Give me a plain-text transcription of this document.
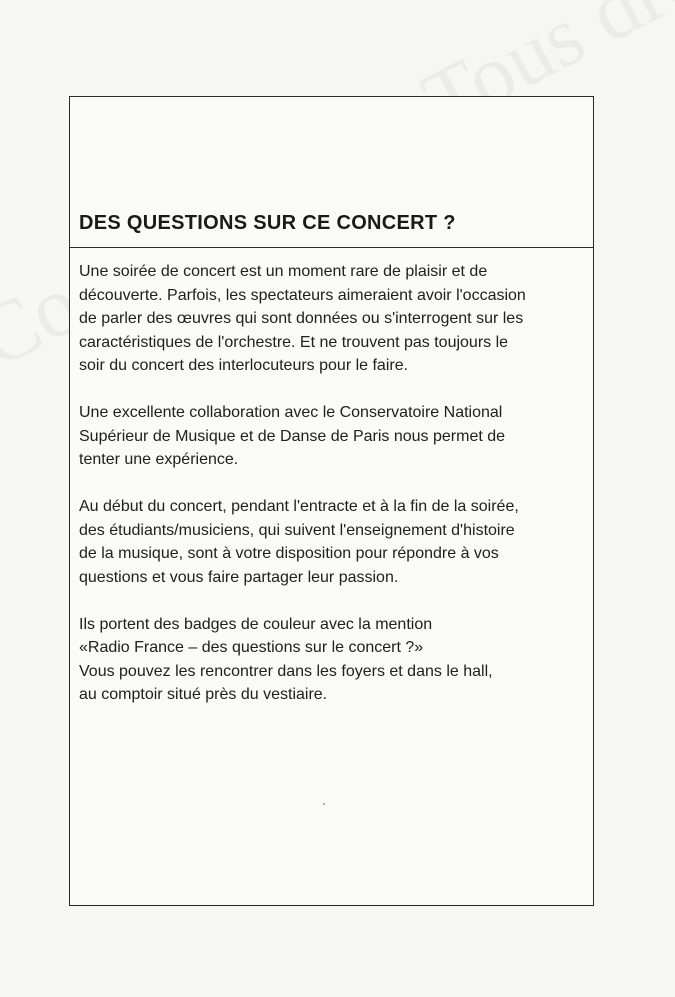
DES QUESTIONS SUR CE CONCERT ?

Une soirée de concert est un moment rare de plaisir et de
découverte. Parfois, les spectateurs aimeraient avoir l'occasion
de parler des œuvres qui sont données ou s'interrogent sur les
caractéristiques de l'orchestre. Et ne trouvent pas toujours le
soir du concert des interlocuteurs pour le faire.

Une excellente collaboration avec le Conservatoire National
Supérieur de Musique et de Danse de Paris nous permet de
tenter une expérience.

Au début du concert, pendant l'entracte et à la fin de la soirée,
des étudiants/musiciens, qui suivent l'enseignement d'histoire
de la musique, sont à votre disposition pour répondre à vos
questions et vous faire partager leur passion.

Ils portent des badges de couleur avec la mention
«Radio France – des questions sur le concert ?»
Vous pouvez les rencontrer dans les foyers et dans le hall,
au comptoir situé près du vestiaire.
